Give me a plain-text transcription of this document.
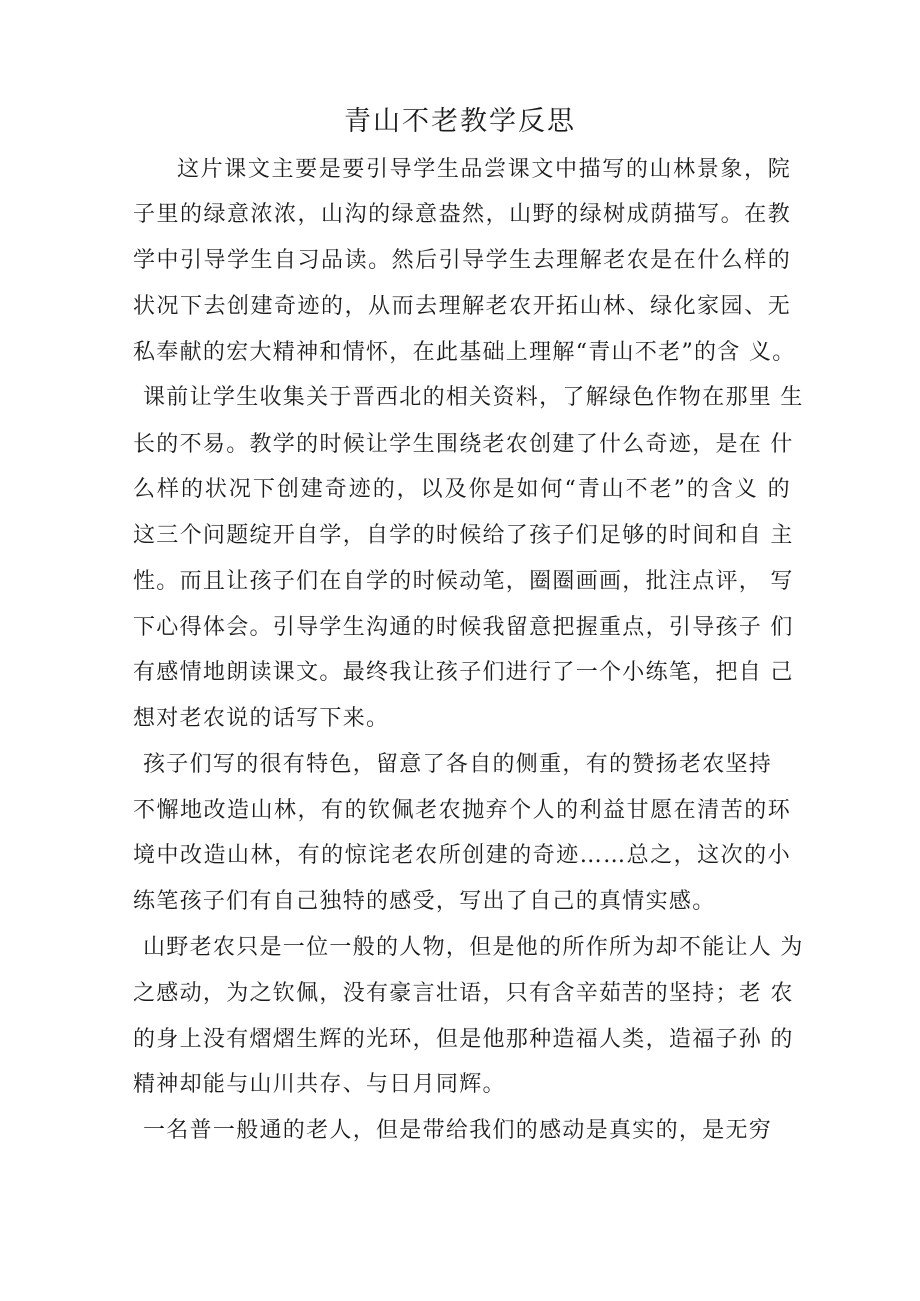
青山不老教学反思
这片课文主要是要引导学生品尝课文中描写的山林景象，院
子里的绿意浓浓，山沟的绿意盎然，山野的绿树成荫描写。在教
学中引导学生自习品读。然后引导学生去理解老农是在什么样的
状况下去创建奇迹的，从而去理解老农开拓山林、绿化家园、无
私奉献的宏大精神和情怀，在此基础上理解“青山不老”的含 义。
课前让学生收集关于晋西北的相关资料，了解绿色作物在那里 生
长的不易。教学的时候让学生围绕老农创建了什么奇迹，是在 什
么样的状况下创建奇迹的，以及你是如何“青山不老”的含义 的
这三个问题绽开自学，自学的时候给了孩子们足够的时间和自 主
性。而且让孩子们在自学的时候动笔，圈圈画画，批注点评， 写
下心得体会。引导学生沟通的时候我留意把握重点，引导孩子 们
有感情地朗读课文。最终我让孩子们进行了一个小练笔，把自 己
想对老农说的话写下来。
孩子们写的很有特色，留意了各自的侧重，有的赞扬老农坚持
不懈地改造山林，有的钦佩老农抛弃个人的利益甘愿在清苦的环
境中改造山林，有的惊诧老农所创建的奇迹……总之，这次的小
练笔孩子们有自己独特的感受，写出了自己的真情实感。
山野老农只是一位一般的人物，但是他的所作所为却不能让人 为
之感动，为之钦佩，没有豪言壮语，只有含辛茹苦的坚持；老 农
的身上没有熠熠生辉的光环，但是他那种造福人类，造福子孙 的
精神却能与山川共存、与日月同辉。
一名普一般通的老人，但是带给我们的感动是真实的，是无穷
